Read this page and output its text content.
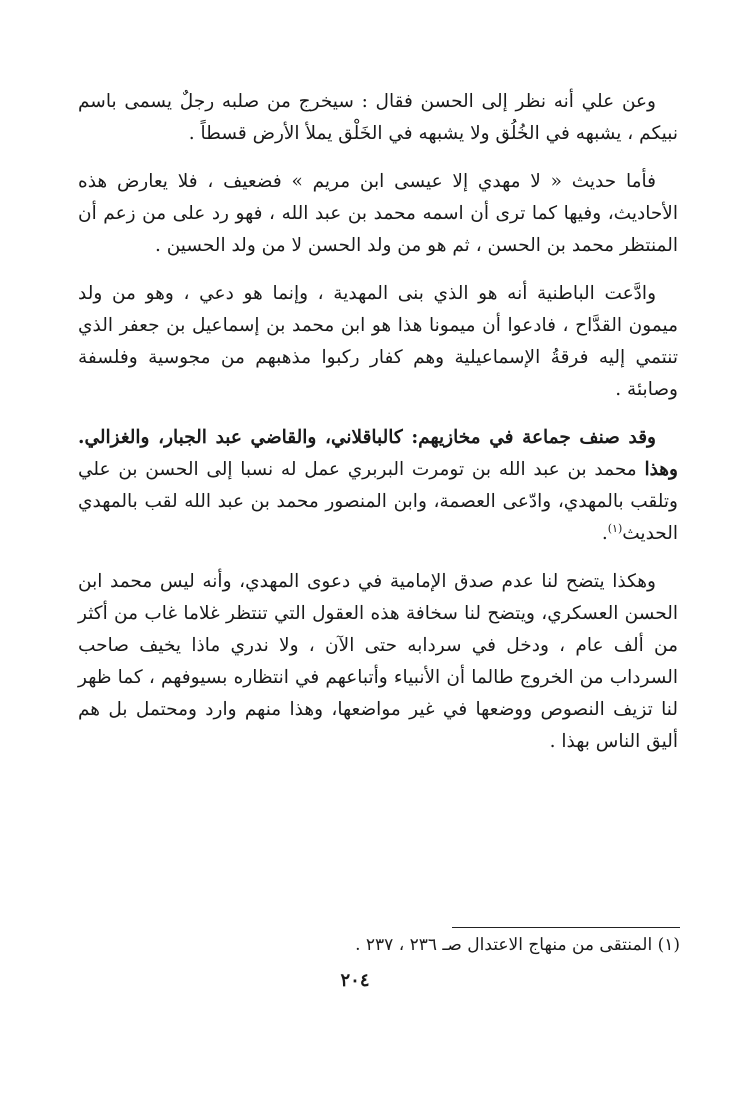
وعن علي أنه نظر إلى الحسن فقال : سيخرج من صلبه رجلٌ يسمى باسم نبيكم ، يشبهه في الخُلُق ولا يشبهه في الخَلْق يملأ الأرض قسطاً .

فأما حديث « لا مهدي إلا عيسى ابن مريم » فضعيف ، فلا يعارض هذه الأحاديث، وفيها كما ترى أن اسمه محمد بن عبد الله ، فهو رد على من زعم أن المنتظر محمد بن الحسن ، ثم هو من ولد الحسن لا من ولد الحسين .

وادَّعت الباطنية أنه هو الذي بنى المهدية ، وإنما هو دعي ، وهو من ولد ميمون القدَّاح ، فادعوا أن ميمونا هذا هو ابن محمد بن إسماعيل بن جعفر الذي تنتمي إليه فرقةُ الإسماعيلية وهم كفار ركبوا مذهبهم من مجوسية وفلسفة وصابئة .

وقد صنف جماعة في مخازيهم: كالباقلاني، والقاضي عبد الجبار، والغزالي. وهذا محمد بن عبد الله بن تومرت البربري عمل له نسبا إلى الحسن بن علي وتلقب بالمهدي، وادّعى العصمة، وابن المنصور محمد بن عبد الله لقب بالمهدي الحديث$^{(١)}$.

وهكذا يتضح لنا عدم صدق الإمامية في دعوى المهدي، وأنه ليس محمد ابن الحسن العسكري، ويتضح لنا سخافة هذه العقول التي تنتظر غلاما غاب من أكثر من ألف عام ، ودخل في سردابه حتى الآن ، ولا ندري ماذا يخيف صاحب السرداب من الخروج طالما أن الأنبياء وأتباعهم في انتظاره بسيوفهم ، كما ظهر لنا تزيف النصوص ووضعها في غير مواضعها، وهذا منهم وارد ومحتمل بل هم أليق الناس بهذا .

(١) المنتقى من منهاج الاعتدال صـ ٢٣٦ ، ٢٣٧ .
٢٠٤
